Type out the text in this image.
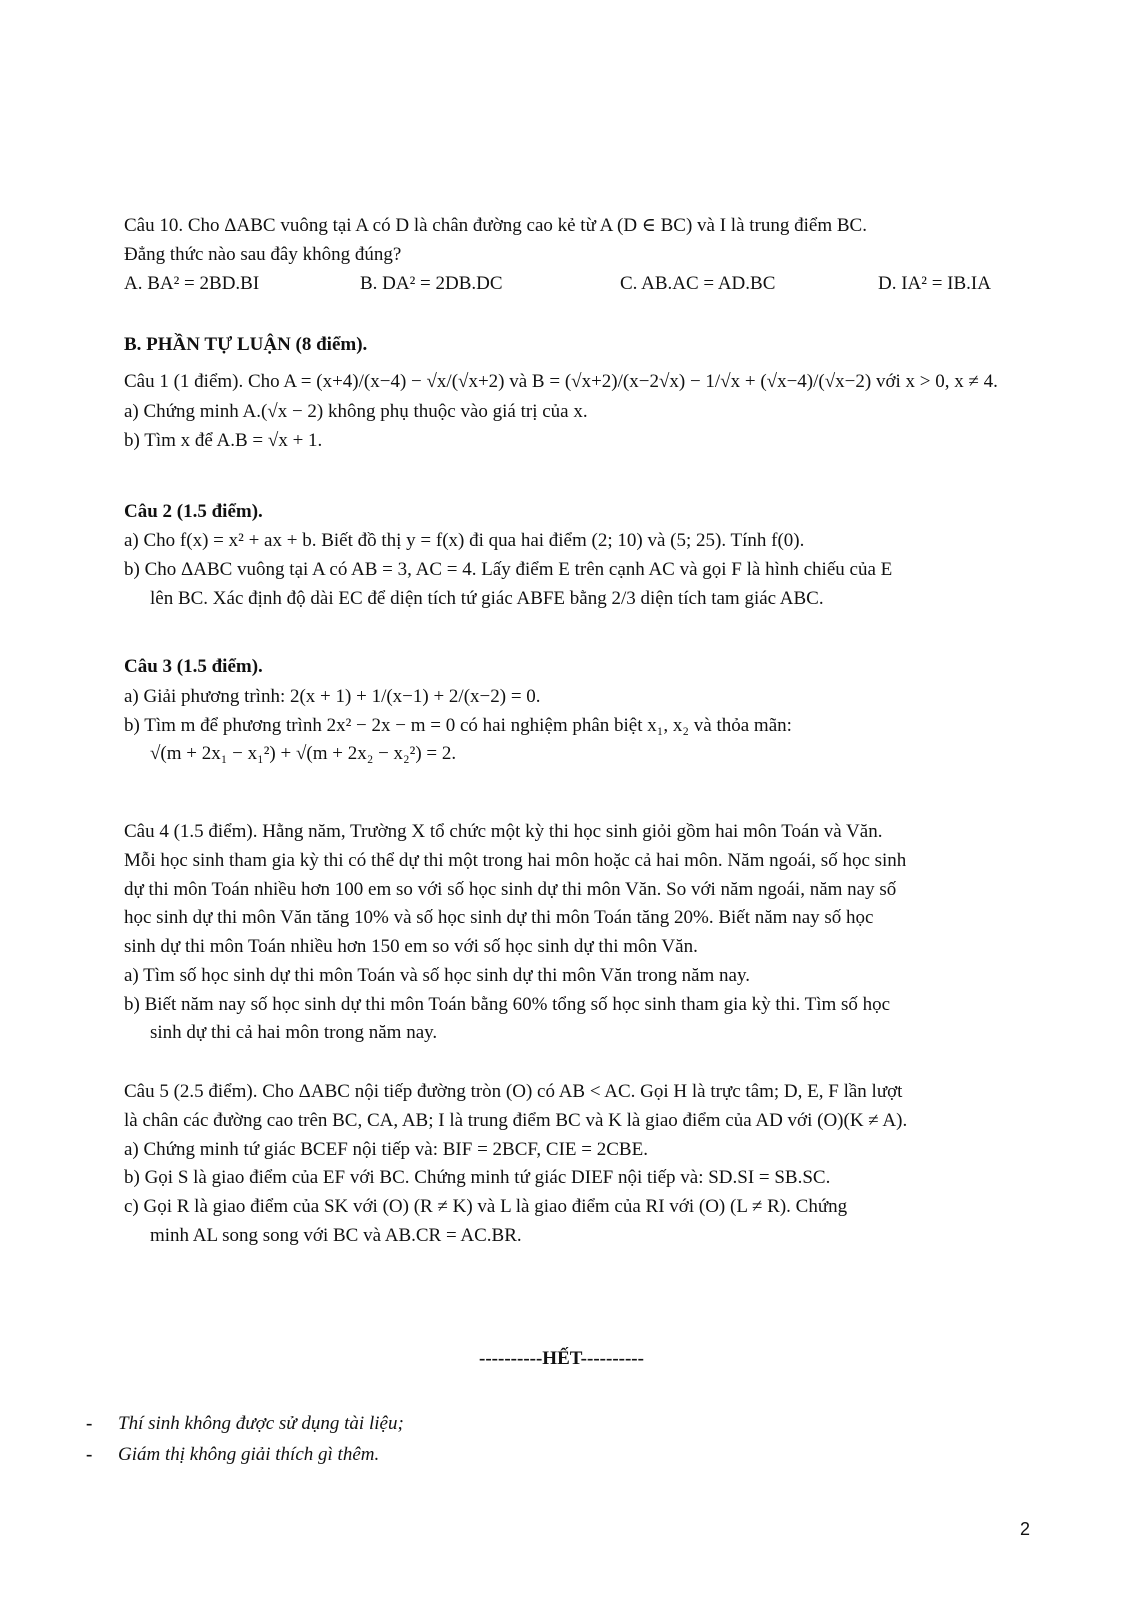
Câu 10. Cho ΔABC vuông tại A có D là chân đường cao kẻ từ A (D ∈ BC) và I là trung điểm BC.
Đẳng thức nào sau đây không đúng?
A. BA² = 2BD.BI	B. DA² = 2DB.DC	C. AB.AC = AD.BC	D. IA² = IB.IA
B. PHẦN TỰ LUẬN (8 điểm).
Câu 1 (1 điểm). Cho A = (x+4)/(x−4) − √x/(√x+2) và B = (√x+2)/(x−2√x) − 1/√x + (√x−4)/(√x−2) với x > 0, x ≠ 4.
a) Chứng minh A.(√x − 2) không phụ thuộc vào giá trị của x.
b) Tìm x để A.B = √x + 1.
Câu 2 (1.5 điểm).
a) Cho f(x) = x² + ax + b. Biết đồ thị y = f(x) đi qua hai điểm (2; 10) và (5; 25). Tính f(0).
b) Cho ΔABC vuông tại A có AB = 3, AC = 4. Lấy điểm E trên cạnh AC và gọi F là hình chiếu của E
lên BC. Xác định độ dài EC để diện tích tứ giác ABFE bằng 2/3 diện tích tam giác ABC.
Câu 3 (1.5 điểm).
a) Giải phương trình: 2(x + 1) + 1/(x−1) + 2/(x−2) = 0.
b) Tìm m để phương trình 2x² − 2x − m = 0 có hai nghiệm phân biệt x₁, x₂ và thỏa mãn:
√(m + 2x₁ − x₁²) + √(m + 2x₂ − x₂²) = 2.
Câu 4 (1.5 điểm). Hằng năm, Trường X tổ chức một kỳ thi học sinh giỏi gồm hai môn Toán và Văn.
Mỗi học sinh tham gia kỳ thi có thể dự thi một trong hai môn hoặc cả hai môn. Năm ngoái, số học sinh
dự thi môn Toán nhiều hơn 100 em so với số học sinh dự thi môn Văn. So với năm ngoái, năm nay số
học sinh dự thi môn Văn tăng 10% và số học sinh dự thi môn Toán tăng 20%. Biết năm nay số học
sinh dự thi môn Toán nhiều hơn 150 em so với số học sinh dự thi môn Văn.
a) Tìm số học sinh dự thi môn Toán và số học sinh dự thi môn Văn trong năm nay.
b) Biết năm nay số học sinh dự thi môn Toán bằng 60% tổng số học sinh tham gia kỳ thi. Tìm số học
sinh dự thi cả hai môn trong năm nay.
Câu 5 (2.5 điểm). Cho ΔABC nội tiếp đường tròn (O) có AB < AC. Gọi H là trực tâm; D, E, F lần lượt
là chân các đường cao trên BC, CA, AB; I là trung điểm BC và K là giao điểm của AD với (O)(K ≠ A).
a) Chứng minh tứ giác BCEF nội tiếp và: BIF = 2BCF, CIE = 2CBE.
b) Gọi S là giao điểm của EF với BC. Chứng minh tứ giác DIEF nội tiếp và: SD.SI = SB.SC.
c) Gọi R là giao điểm của SK với (O) (R ≠ K) và L là giao điểm của RI với (O) (L ≠ R). Chứng
minh AL song song với BC và AB.CR = AC.BR.
----------HẾT----------
- Thí sinh không được sử dụng tài liệu;
- Giám thị không giải thích gì thêm.
2
